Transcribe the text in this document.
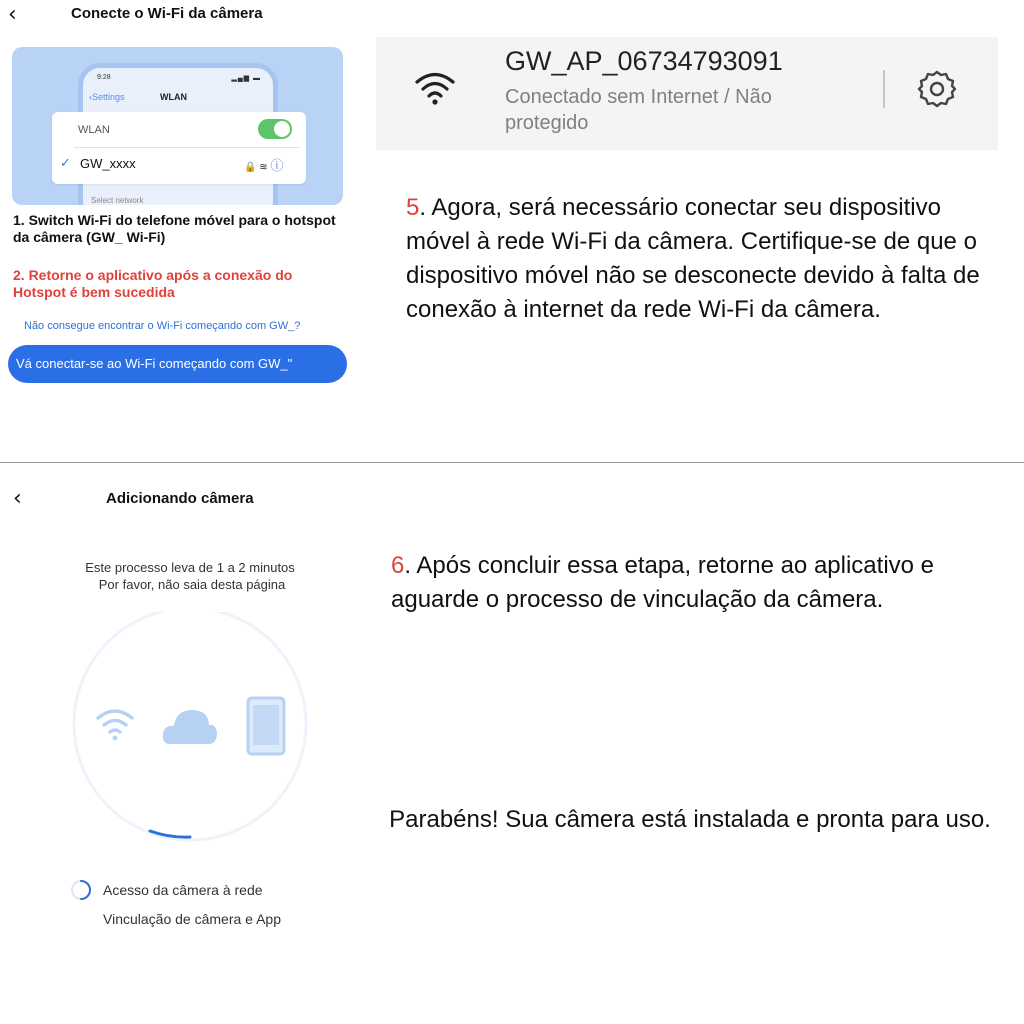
‹	Conecte o Wi-Fi da câmera
9:28	▂▄▆ ▬
‹Settings	WLAN
Select network
WLAN
✓ GW_xxxx	🔒 ≋ ⓘ
1. Switch Wi-Fi do telefone móvel para o hotspot da câmera (GW_ Wi-Fi)
2. Retorne o aplicativo após a conexão do Hotspot é bem sucedida
Não consegue encontrar o Wi-Fi começando com GW_?
Vá conectar-se ao Wi-Fi começando com GW_"
GW_AP_06734793091
Conectado sem Internet / Não protegido
5. Agora, será necessário conectar seu dispositivo móvel à rede Wi-Fi da câmera. Certifique-se de que o dispositivo móvel não se desconecte devido à falta de conexão à internet da rede Wi-Fi da câmera.
‹	Adicionando câmera
Este processo leva de 1 a 2 minutos
Por favor, não saia desta página
Acesso da câmera à rede
Vinculação de câmera e App
6. Após concluir essa etapa, retorne ao aplicativo e aguarde o processo de vinculação da câmera.
Parabéns! Sua câmera está instalada e pronta para uso.
